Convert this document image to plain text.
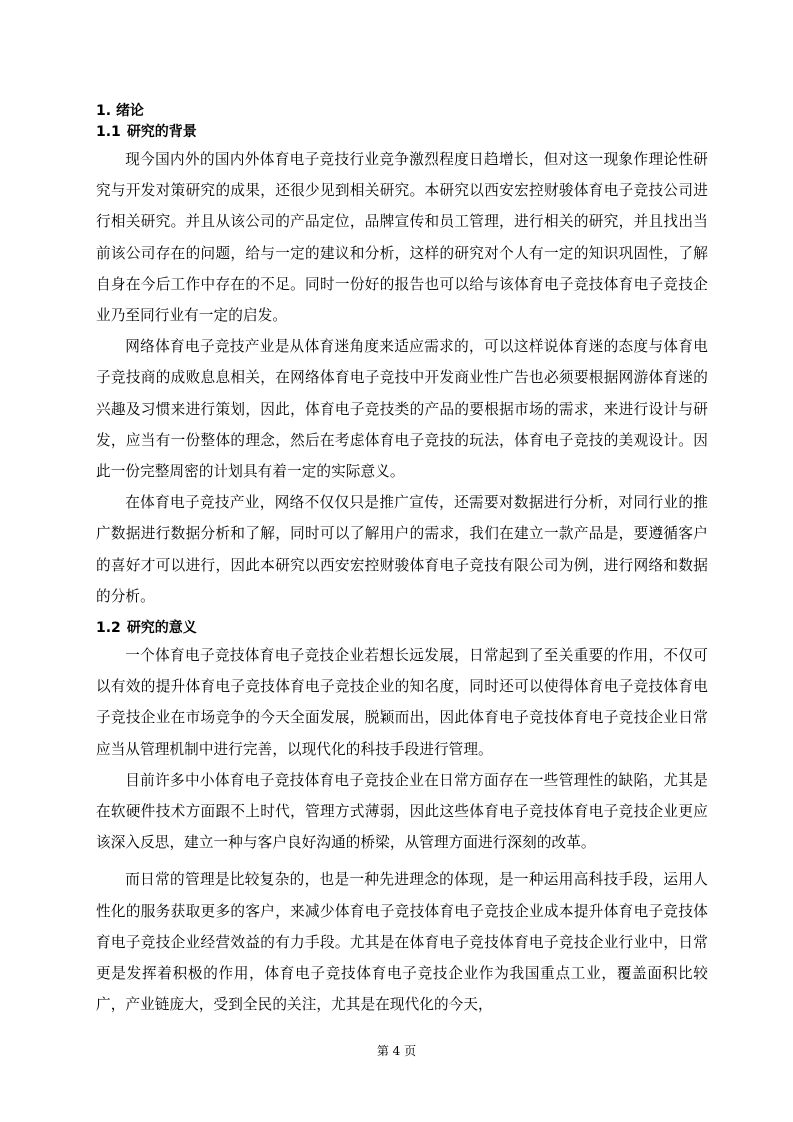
1. 绪论
1.1 研究的背景

现今国内外的国内外体育电子竞技行业竞争激烈程度日趋增长，但对这一现象作理论性研究与开发对策研究的成果，还很少见到相关研究。本研究以西安宏控财骏体育电子竞技公司进行相关研究。并且从该公司的产品定位，品牌宣传和员工管理，进行相关的研究，并且找出当前该公司存在的问题，给与一定的建议和分析，这样的研究对个人有一定的知识巩固性，了解自身在今后工作中存在的不足。同时一份好的报告也可以给与该体育电子竞技体育电子竞技企业乃至同行业有一定的启发。

网络体育电子竞技产业是从体育迷角度来适应需求的，可以这样说体育迷的态度与体育电子竞技商的成败息息相关，在网络体育电子竞技中开发商业性广告也必须要根据网游体育迷的兴趣及习惯来进行策划，因此，体育电子竞技类的产品的要根据市场的需求，来进行设计与研发，应当有一份整体的理念，然后在考虑体育电子竞技的玩法，体育电子竞技的美观设计。因此一份完整周密的计划具有着一定的实际意义。

在体育电子竞技产业，网络不仅仅只是推广宣传，还需要对数据进行分析，对同行业的推广数据进行数据分析和了解，同时可以了解用户的需求，我们在建立一款产品是，要遵循客户的喜好才可以进行，因此本研究以西安宏控财骏体育电子竞技有限公司为例，进行网络和数据的分析。

1.2 研究的意义

一个体育电子竞技体育电子竞技企业若想长远发展，日常起到了至关重要的作用，不仅可以有效的提升体育电子竞技体育电子竞技企业的知名度，同时还可以使得体育电子竞技体育电子竞技企业在市场竞争的今天全面发展，脱颖而出，因此体育电子竞技体育电子竞技企业日常应当从管理机制中进行完善，以现代化的科技手段进行管理。

目前许多中小体育电子竞技体育电子竞技企业在日常方面存在一些管理性的缺陷，尤其是在软硬件技术方面跟不上时代，管理方式薄弱，因此这些体育电子竞技体育电子竞技企业更应该深入反思，建立一种与客户良好沟通的桥梁，从管理方面进行深刻的改革。

而日常的管理是比较复杂的，也是一种先进理念的体现，是一种运用高科技手段，运用人性化的服务获取更多的客户，来减少体育电子竞技体育电子竞技企业成本提升体育电子竞技体育电子竞技企业经营效益的有力手段。尤其是在体育电子竞技体育电子竞技企业行业中，日常更是发挥着积极的作用，体育电子竞技体育电子竞技企业作为我国重点工业，覆盖面积比较广，产业链庞大，受到全民的关注，尤其是在现代化的今天，

第 4 页
